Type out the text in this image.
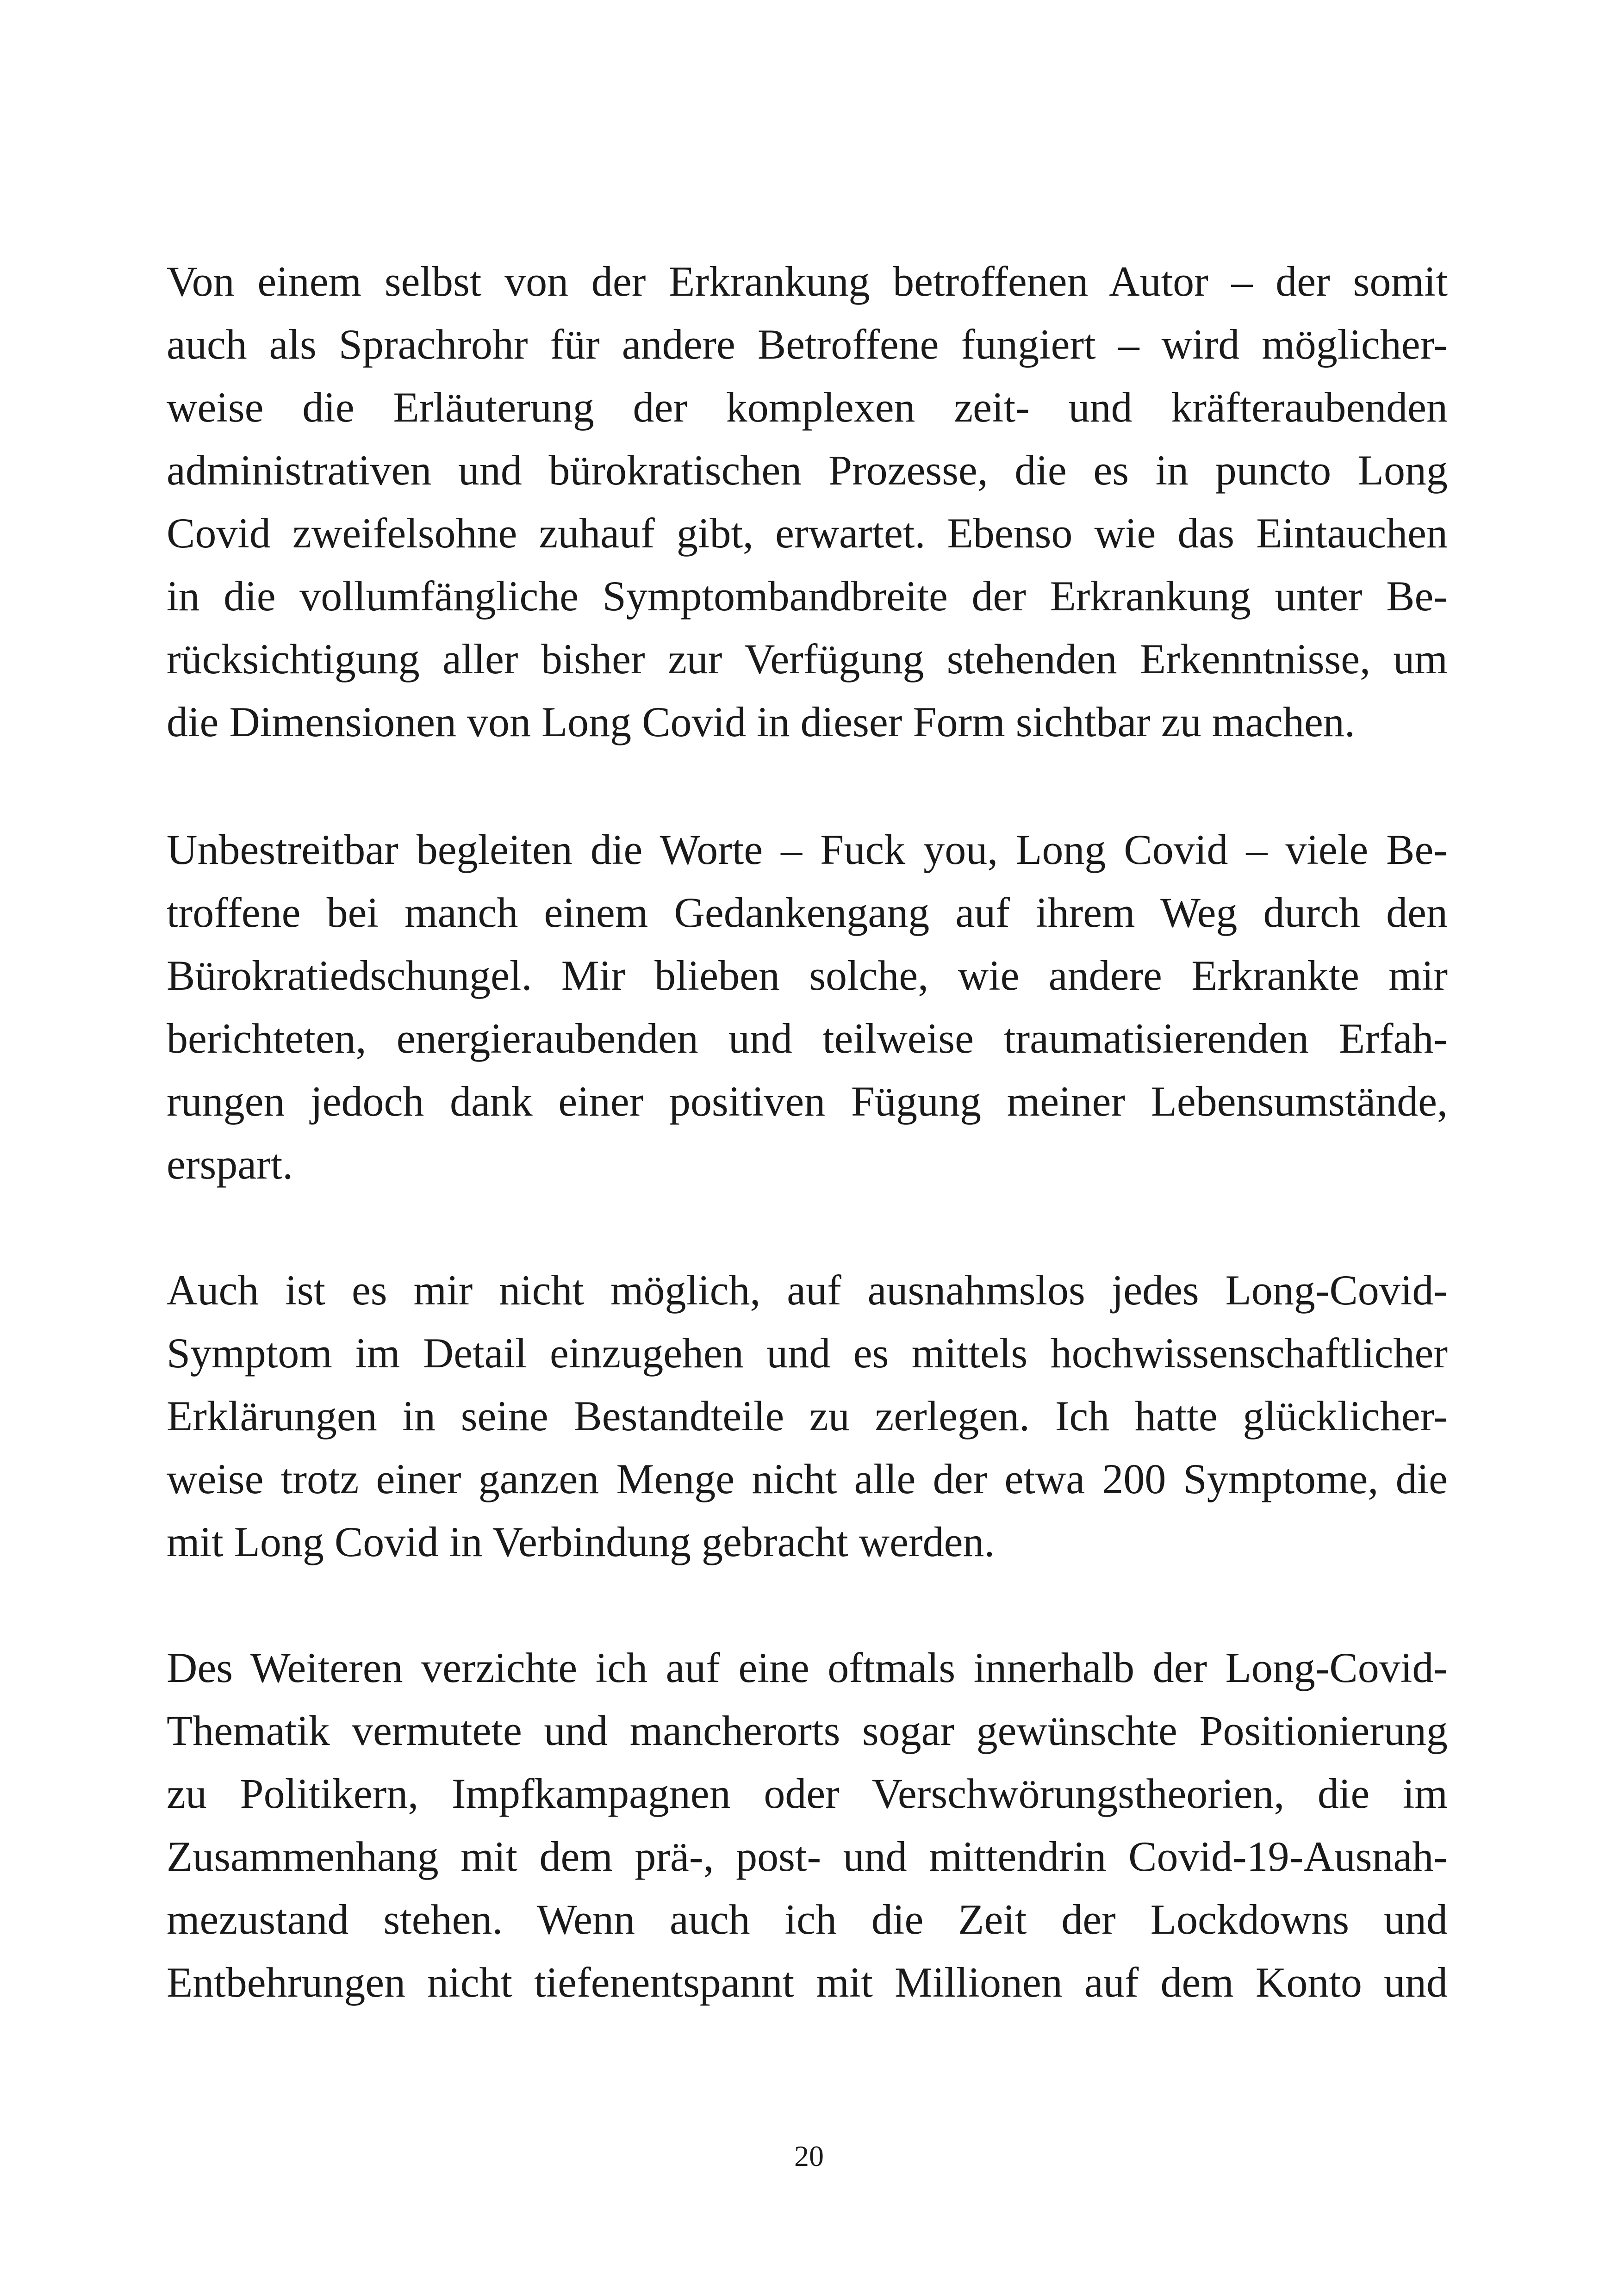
Von einem selbst von der Erkrankung betroffenen Autor – der somit
auch als Sprachrohr für andere Betroffene fungiert – wird möglicher-
weise die Erläuterung der komplexen zeit- und kräfteraubenden
administrativen und bürokratischen Prozesse, die es in puncto Long
Covid zweifelsohne zuhauf gibt, erwartet. Ebenso wie das Eintauchen
in die vollumfängliche Symptombandbreite der Erkrankung unter Be-
rücksichtigung aller bisher zur Verfügung stehenden Erkenntnisse, um
die Dimensionen von Long Covid in dieser Form sichtbar zu machen.
Unbestreitbar begleiten die Worte – Fuck you, Long Covid – viele Be-
troffene bei manch einem Gedankengang auf ihrem Weg durch den
Bürokratiedschungel. Mir blieben solche, wie andere Erkrankte mir
berichteten, energieraubenden und teilweise traumatisierenden Erfah-
rungen jedoch dank einer positiven Fügung meiner Lebensumstände,
erspart.
Auch ist es mir nicht möglich, auf ausnahmslos jedes Long-Covid-
Symptom im Detail einzugehen und es mittels hochwissenschaftlicher
Erklärungen in seine Bestandteile zu zerlegen. Ich hatte glücklicher-
weise trotz einer ganzen Menge nicht alle der etwa 200 Symptome, die
mit Long Covid in Verbindung gebracht werden.
Des Weiteren verzichte ich auf eine oftmals innerhalb der Long-Covid-
Thematik vermutete und mancherorts sogar gewünschte Positionierung
zu Politikern, Impfkampagnen oder Verschwörungstheorien, die im
Zusammenhang mit dem prä-, post- und mittendrin Covid-19-Ausnah-
mezustand stehen. Wenn auch ich die Zeit der Lockdowns und
Entbehrungen nicht tiefenentspannt mit Millionen auf dem Konto und
20
